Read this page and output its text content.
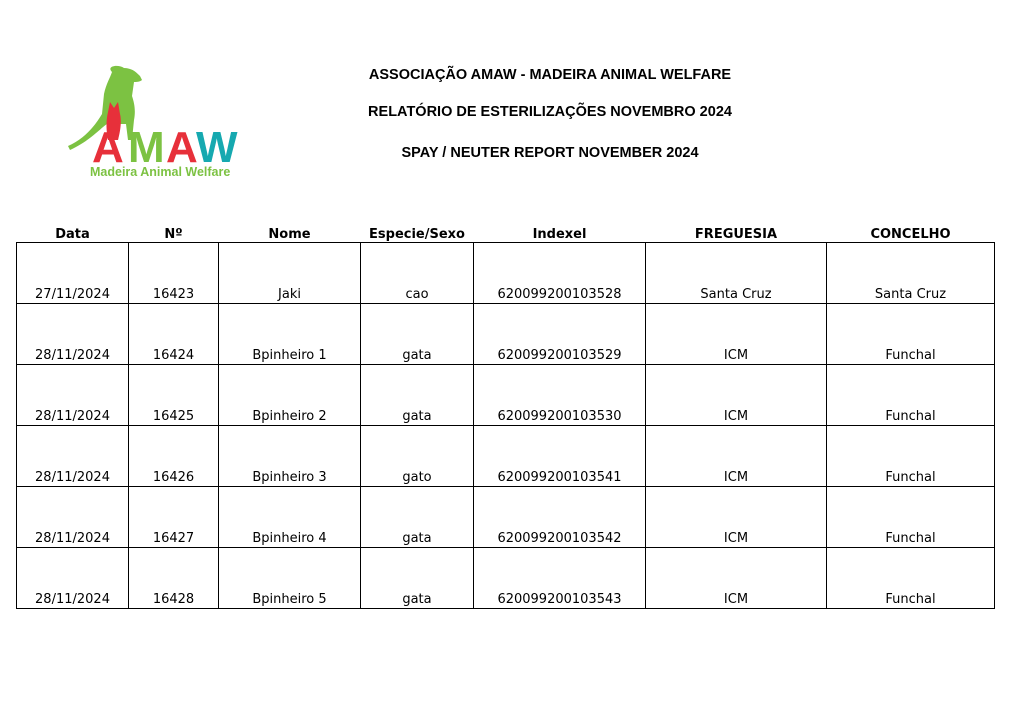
A M A
W
Madeira Animal Welfare
ASSOCIAÇÃO AMAW - MADEIRA ANIMAL WELFARE
RELATÓRIO DE ESTERILIZAÇÕES NOVEMBRO 2024
SPAY / NEUTER REPORT NOVEMBER 2024
Data	Nº	Nome	Especie/Sexo	Indexel	FREGUESIA	CONCELHO
27/11/2024	16423	Jaki	cao	620099200103528	Santa Cruz	Santa Cruz
28/11/2024	16424	Bpinheiro 1	gata	620099200103529	ICM	Funchal
28/11/2024	16425	Bpinheiro 2	gata	620099200103530	ICM	Funchal
28/11/2024	16426	Bpinheiro 3	gato	620099200103541	ICM	Funchal
28/11/2024	16427	Bpinheiro 4	gata	620099200103542	ICM	Funchal
28/11/2024	16428	Bpinheiro 5	gata	620099200103543	ICM	Funchal
